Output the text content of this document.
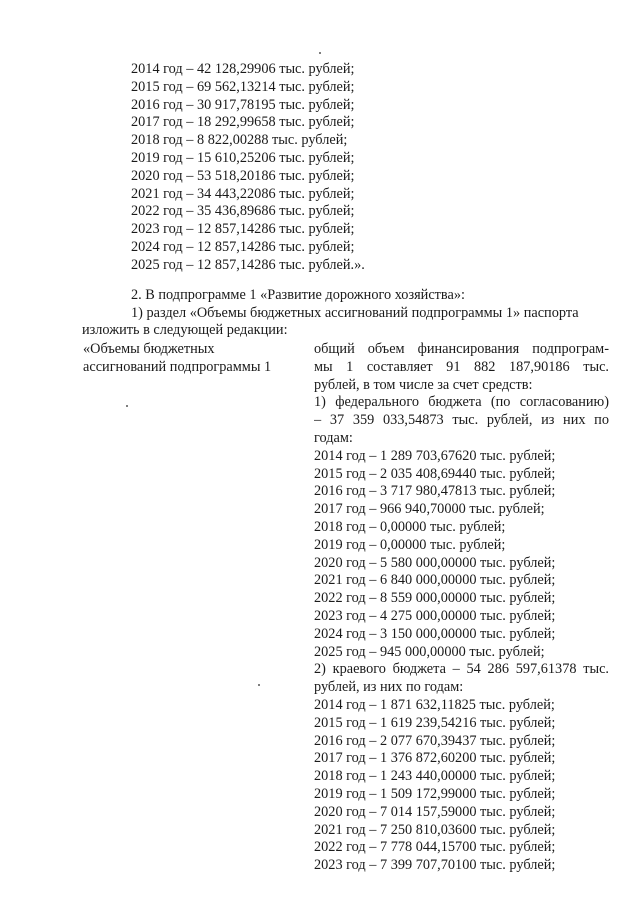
2014 год – 42 128,29906 тыс. рублей;
2015 год – 69 562,13214 тыс. рублей;
2016 год – 30 917,78195 тыс. рублей;
2017 год – 18 292,99658 тыс. рублей;
2018 год – 8 822,00288 тыс. рублей;
2019 год – 15 610,25206 тыс. рублей;
2020 год – 53 518,20186 тыс. рублей;
2021 год – 34 443,22086 тыс. рублей;
2022 год – 35 436,89686 тыс. рублей;
2023 год – 12 857,14286 тыс. рублей;
2024 год – 12 857,14286 тыс. рублей;
2025 год – 12 857,14286 тыс. рублей.».
2. В подпрограмме 1 «Развитие дорожного хозяйства»:
1) раздел «Объемы бюджетных ассигнований подпрограммы 1» паспорта
изложить в следующей редакции:
«Объемы бюджетных
ассигнований подпрограммы 1
общий объем финансирования подпрограм-
мы 1 составляет 91 882 187,90186 тыс.
рублей, в том числе за счет средств:
1) федерального бюджета (по согласованию)
– 37 359 033,54873 тыс. рублей, из них по
годам:
2014 год – 1 289 703,67620 тыс. рублей;
2015 год – 2 035 408,69440 тыс. рублей;
2016 год – 3 717 980,47813 тыс. рублей;
2017 год – 966 940,70000 тыс. рублей;
2018 год – 0,00000 тыс. рублей;
2019 год – 0,00000 тыс. рублей;
2020 год – 5 580 000,00000 тыс. рублей;
2021 год – 6 840 000,00000 тыс. рублей;
2022 год – 8 559 000,00000 тыс. рублей;
2023 год – 4 275 000,00000 тыс. рублей;
2024 год – 3 150 000,00000 тыс. рублей;
2025 год – 945 000,00000 тыс. рублей;
2) краевого бюджета – 54 286 597,61378 тыс.
рублей, из них по годам:
2014 год – 1 871 632,11825 тыс. рублей;
2015 год – 1 619 239,54216 тыс. рублей;
2016 год – 2 077 670,39437 тыс. рублей;
2017 год – 1 376 872,60200 тыс. рублей;
2018 год – 1 243 440,00000 тыс. рублей;
2019 год – 1 509 172,99000 тыс. рублей;
2020 год – 7 014 157,59000 тыс. рублей;
2021 год – 7 250 810,03600 тыс. рублей;
2022 год – 7 778 044,15700 тыс. рублей;
2023 год – 7 399 707,70100 тыс. рублей;
